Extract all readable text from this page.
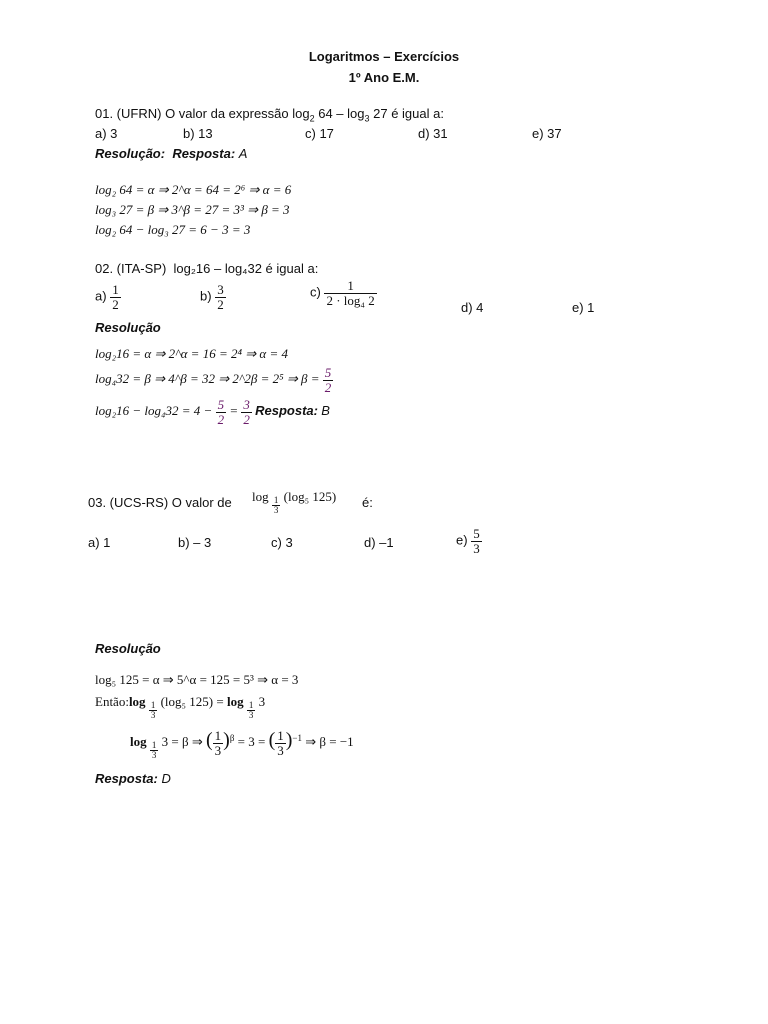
Logaritmos – Exercícios
1º Ano E.M.
01. (UFRN) O valor da expressão $\log_2 64 - \log_3 27$ é igual a:
a) 3	b) 13	c) 17	d) 31	e) 37
Resolução: Resposta: A
log₂ 64 = α ⇒ 2^α = 64 = 2⁶ ⇒ α = 6
log₃ 27 = β ⇒ 3^β = 27 = 3³ ⇒ β = 3
log₂ 64 − log₃ 27 = 6 − 3 = 3
02. (ITA-SP) log₂16 – log₄32 é igual a:
$a) \frac{1}{2}$	$b) \frac{3}{2}$	$c) \frac{1}{\text{2 · log₄ 2}}$
d) 4	e) 1
Resolução
log₂16 = α ⇒ 2^α = 16 = 2⁴ ⇒ α = 4
log₄32 = β ⇒ 4^β = 32 ⇒ 2^2β = 2⁵ ⇒ $\beta = \frac{5}{2}$
$\log_216 - \log_432 = 4 - \frac{5}{2} = \frac{3}{2}$ Resposta: B
03. (UCS-RS) O valor de $\log \frac{1}{3} (\log_5$ 125) é:
a) 1	b) – 3	c) 3	d) –1	$e) \frac{5}{3}$
Resolução
log₅ 125 = α ⇒ 5^α = 125 = 5³ ⇒ α = 3
Então:log $\frac{1}{3} (\log_5$ $125) = \log \frac{1}{3} 3$
$\log \frac{1}{3} 3 = \beta$ ⇒ ( $\frac{1}{3} )^\beta = 3$ = ( $\frac{1}{3} )^{-1}$ ⇒ β = −1
Resposta: D
